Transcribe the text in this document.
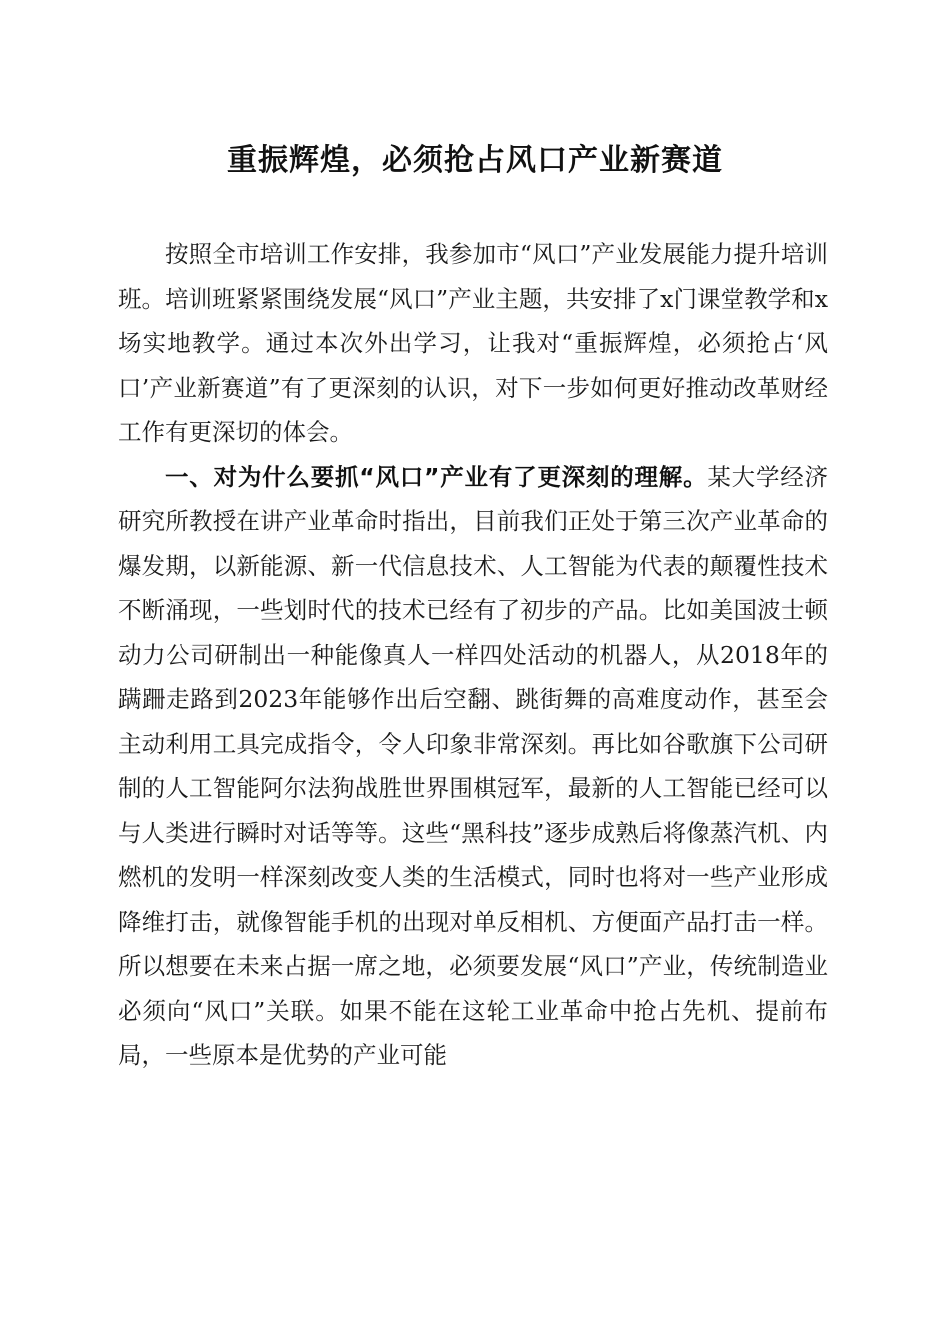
重振辉煌，必须抢占风口产业新赛道

按照全市培训工作安排，我参加市“风口”产业发展能力提升培训班。培训班紧紧围绕发展“风口”产业主题，共安排了x门课堂教学和x场实地教学。通过本次外出学习，让我对“重振辉煌，必须抢占‘风口’产业新赛道”有了更深刻的认识，对下一步如何更好推动改革财经工作有更深切的体会。

一、对为什么要抓“风口”产业有了更深刻的理解。某大学经济研究所教授在讲产业革命时指出，目前我们正处于第三次产业革命的爆发期，以新能源、新一代信息技术、人工智能为代表的颠覆性技术不断涌现，一些划时代的技术已经有了初步的产品。比如美国波士顿动力公司研制出一种能像真人一样四处活动的机器人，从2018年的蹒跚走路到2023年能够作出后空翻、跳街舞的高难度动作，甚至会主动利用工具完成指令，令人印象非常深刻。再比如谷歌旗下公司研制的人工智能阿尔法狗战胜世界围棋冠军，最新的人工智能已经可以与人类进行瞬时对话等等。这些“黑科技”逐步成熟后将像蒸汽机、内燃机的发明一样深刻改变人类的生活模式，同时也将对一些产业形成降维打击，就像智能手机的出现对单反相机、方便面产品打击一样。所以想要在未来占据一席之地，必须要发展“风口”产业，传统制造业必须向“风口”关联。如果不能在这轮工业革命中抢占先机、提前布局，一些原本是优势的产业可能
